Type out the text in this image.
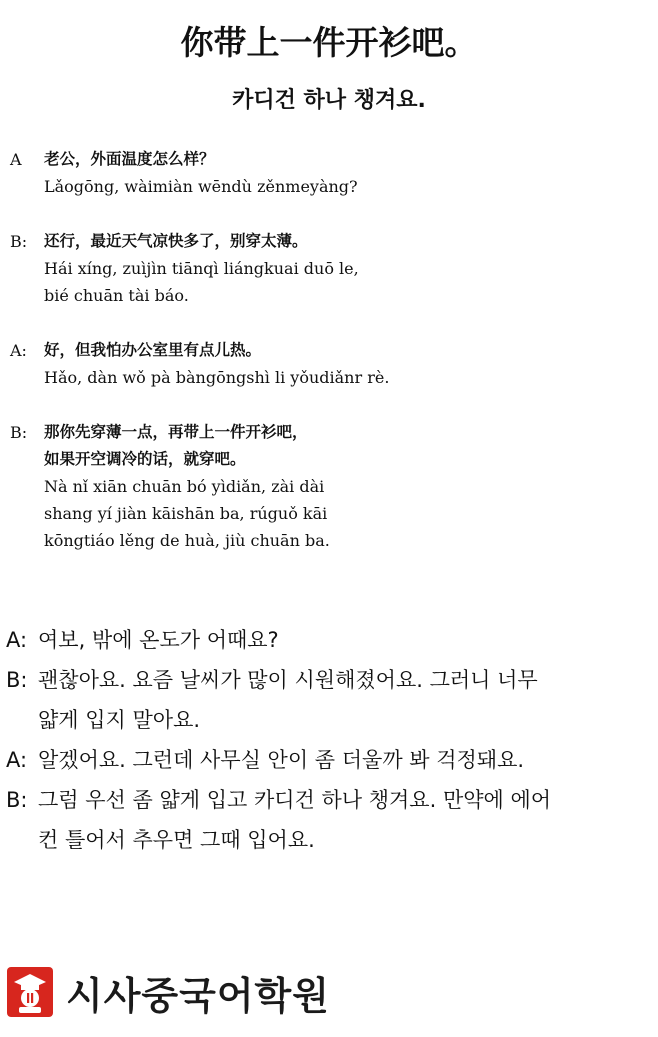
你带上一件开衫吧。
카디건 하나 챙겨요.
A 老公，外面温度怎么样？
Lǎogōng, wàimiàn wēndù zěnmeyàng?
B: 还行，最近天气凉快多了，别穿太薄。
Hái xíng, zuìjìn tiānqì liángkuai duō le,
bié chuān tài báo.
A: 好，但我怕办公室里有点儿热。
Hǎo, dàn wǒ pà bàngōngshì li yǒudiǎnr rè.
B: 那你先穿薄一点，再带上一件开衫吧，
如果开空调冷的话，就穿吧。
Nà nǐ xiān chuān bó yìdiǎn, zài dài
shang yí jiàn kāishān ba, rúguǒ kāi
kōngtiáo lěng de huà, jiù chuān ba.
A: 여보, 밖에 온도가 어때요?
B: 괜찮아요. 요즘 날씨가 많이 시원해졌어요. 그러니 너무
얇게 입지 말아요.
A: 알겠어요. 그런데 사무실 안이 좀 더울까 봐 걱정돼요.
B: 그럼 우선 좀 얇게 입고 카디건 하나 챙겨요. 만약에 에어
컨 틀어서 추우면 그때 입어요.
시사중국어학원
